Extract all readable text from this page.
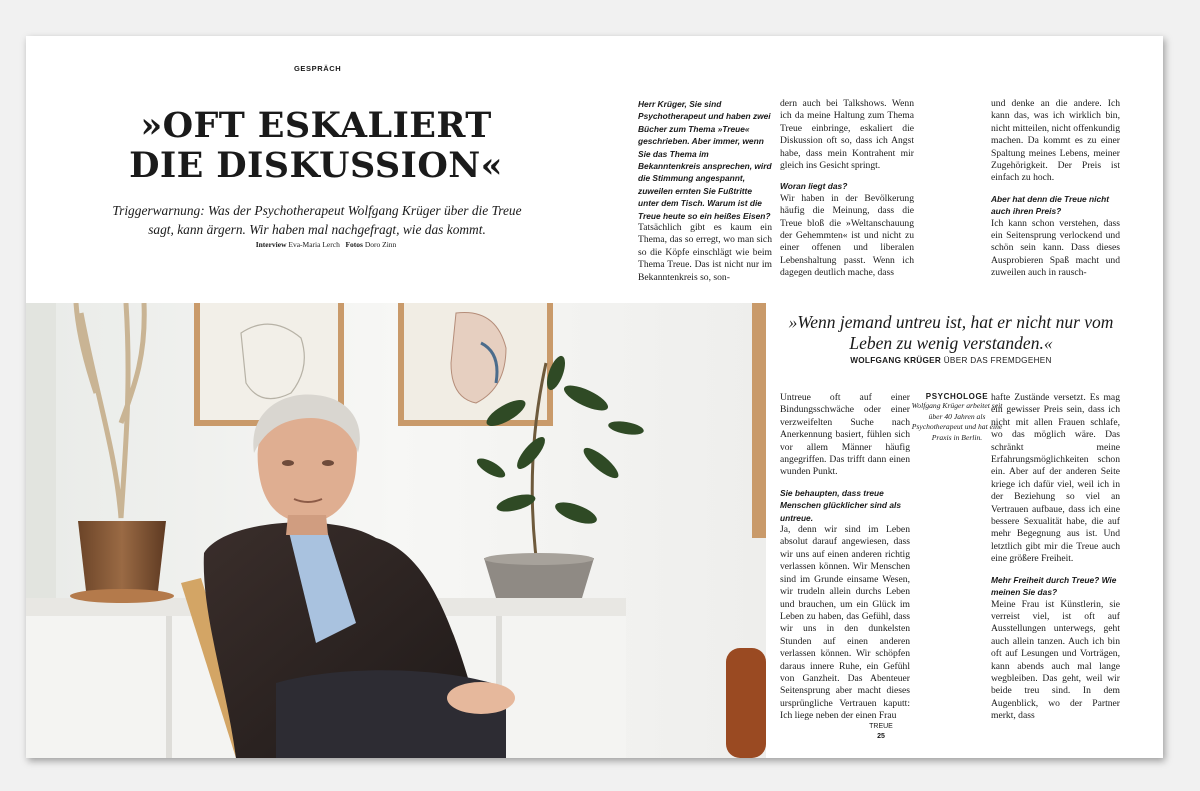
GESPRÄCH
»OFT ESKALIERT
DIE DISKUSSION«
Triggerwarnung: Was der Psychotherapeut Wolfgang Krüger über die Treue sagt, kann ärgern. Wir haben mal nachgefragt, wie das kommt.
Interview Eva-Maria Lerch Fotos Doro Zinn

Herr Krüger, Sie sind Psychotherapeut und haben zwei Bücher zum Thema »Treue« geschrieben. Aber immer, wenn Sie das Thema im Bekanntenkreis ansprechen, wird die Stimmung angespannt, zuweilen ernten Sie Fußtritte unter dem Tisch. Warum ist die Treue heute so ein heißes Eisen?

Tatsächlich gibt es kaum ein Thema, das so erregt, wo man sich so die Köpfe einschlägt wie beim Thema Treue. Das ist nicht nur im Bekanntenkreis so, son-

dern auch bei Talkshows. Wenn ich da meine Haltung zum Thema Treue einbringe, eskaliert die Diskussion oft so, dass ich Angst habe, dass mein Kontrahent mir gleich ins Gesicht springt.

Woran liegt das?

Wir haben in der Bevölkerung häufig die Meinung, dass die Treue bloß die »Weltanschauung der Gehemmten« ist und nicht zu einer offenen und liberalen Lebenshaltung passt. Wenn ich dagegen deutlich mache, dass

und denke an die andere. Ich kann das, was ich wirklich bin, nicht mitteilen, nicht offenkundig machen. Da kommt es zu einer Spaltung meines Lebens, meiner Zugehörigkeit. Der Preis ist einfach zu hoch.

Aber hat denn die Treue nicht auch ihren Preis?

Ich kann schon verstehen, dass ein Seitensprung verlockend und schön sein kann. Dass dieses Ausprobieren Spaß macht und zuweilen auch in rausch-

»Wenn jemand untreu ist, hat er nicht nur vom Leben zu wenig verstanden.«
WOLFGANG KRÜGER ÜBER DAS FREMDGEHEN

Untreue oft auf einer Bindungsschwäche oder einer verzweifelten Suche nach Anerkennung basiert, fühlen sich vor allem Männer häufig angegriffen. Das trifft dann einen wunden Punkt.

Sie behaupten, dass treue Menschen glücklicher sind als untreue.

Ja, denn wir sind im Leben absolut darauf angewiesen, dass wir uns auf einen anderen richtig verlassen können. Wir Menschen sind im Grunde einsame Wesen, wir trudeln allein durchs Leben und brauchen, um ein Glück im Leben zu haben, das Gefühl, dass wir uns in den dunkelsten Stunden auf einen anderen verlassen können. Wir schöpfen daraus innere Ruhe, ein Gefühl von Ganzheit. Das Abenteuer Seitensprung aber macht dieses ursprüngliche Vertrauen kaputt: Ich liege neben der einen Frau

PSYCHOLOGE
Wolfgang Krüger arbeitet seit über 40 Jahren als Psychotherapeut und hat eine Praxis in Berlin.

hafte Zustände versetzt. Es mag ein gewisser Preis sein, dass ich nicht mit allen Frauen schlafe, wo das möglich wäre. Das schränkt meine Erfahrungsmöglichkeiten schon ein. Aber auf der anderen Seite kriege ich dafür viel, weil ich in der Beziehung so viel an Vertrauen aufbaue, dass ich eine bessere Sexualität habe, die auf mehr Begegnung aus ist. Und letztlich gibt mir die Treue auch eine größere Freiheit.

Mehr Freiheit durch Treue? Wie meinen Sie das?

Meine Frau ist Künstlerin, sie verreist viel, ist oft auf Ausstellungen unterwegs, geht auch allein tanzen. Auch ich bin oft auf Lesungen und Vorträgen, kann abends auch mal lange wegbleiben. Das geht, weil wir beide treu sind. In dem Augenblick, wo der Partner merkt, dass

TREUE
25
